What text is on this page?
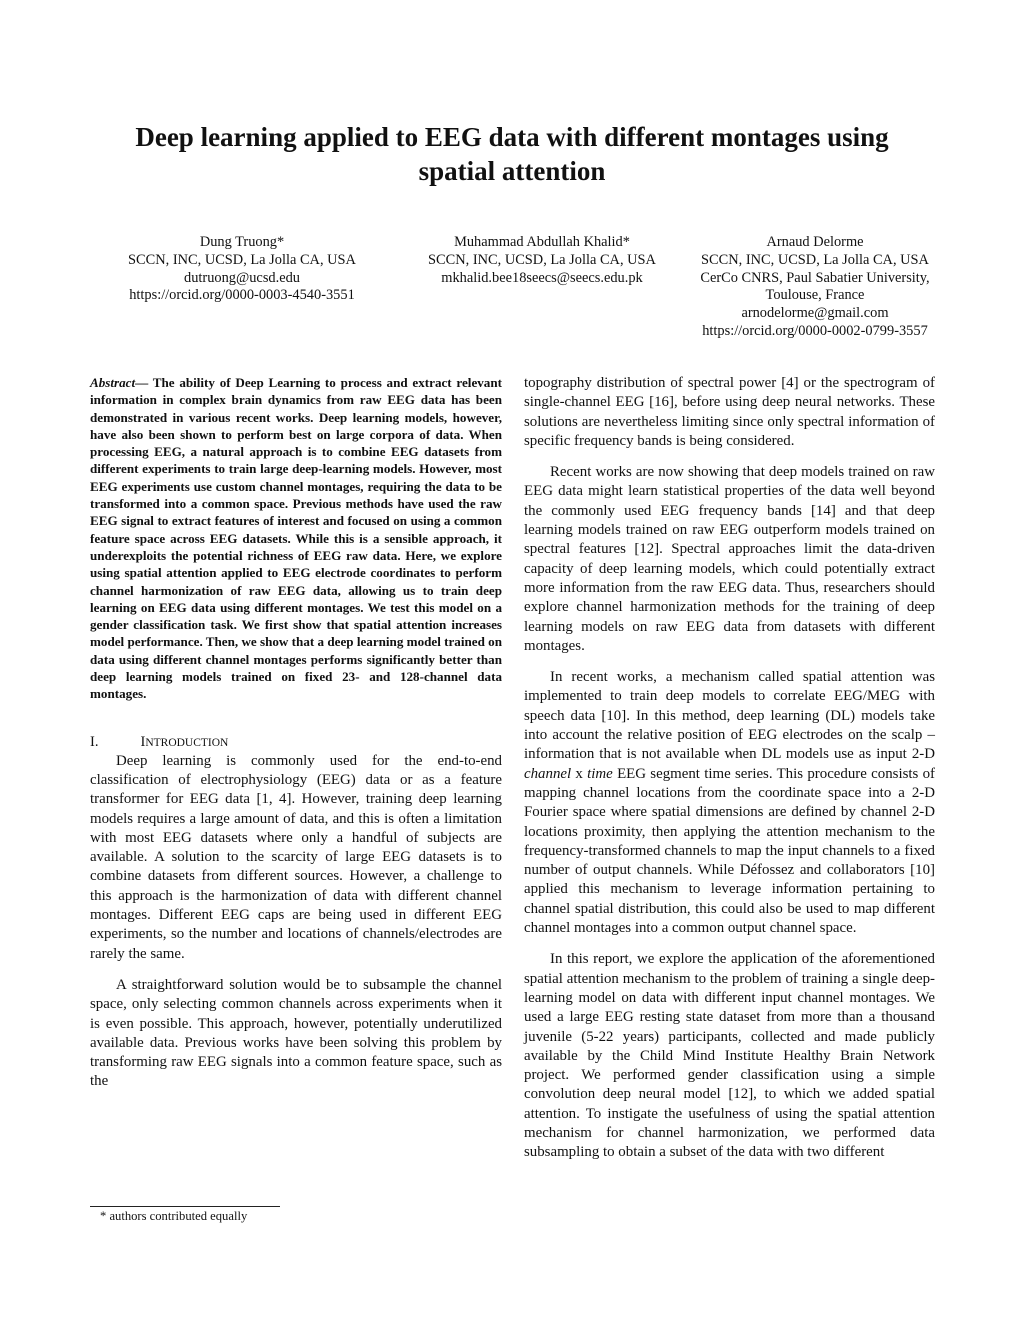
Deep learning applied to EEG data with different montages using spatial attention
Dung Truong*
SCCN, INC, UCSD, La Jolla CA, USA
dutruong@ucsd.edu
https://orcid.org/0000-0003-4540-3551
Muhammad Abdullah Khalid*
SCCN, INC, UCSD, La Jolla CA, USA
mkhalid.bee18seecs@seecs.edu.pk
Arnaud Delorme
SCCN, INC, UCSD, La Jolla CA, USA
CerCo CNRS, Paul Sabatier University,
Toulouse, France
arnodelorme@gmail.com
https://orcid.org/0000-0002-0799-3557

Abstract— The ability of Deep Learning to process and extract relevant information in complex brain dynamics from raw EEG data has been demonstrated in various recent works. Deep learning models, however, have also been shown to perform best on large corpora of data. When processing EEG, a natural approach is to combine EEG datasets from different experiments to train large deep-learning models. However, most EEG experiments use custom channel montages, requiring the data to be transformed into a common space. Previous methods have used the raw EEG signal to extract features of interest and focused on using a common feature space across EEG datasets. While this is a sensible approach, it underexploits the potential richness of EEG raw data. Here, we explore using spatial attention applied to EEG electrode coordinates to perform channel harmonization of raw EEG data, allowing us to train deep learning on EEG data using different montages. We test this model on a gender classification task. We first show that spatial attention increases model performance. Then, we show that a deep learning model trained on data using different channel montages performs significantly better than deep learning models trained on fixed 23- and 128-channel data montages.

I.	INTRODUCTION

Deep learning is commonly used for the end-to-end classification of electrophysiology (EEG) data or as a feature transformer for EEG data [1, 4]. However, training deep learning models requires a large amount of data, and this is often a limitation with most EEG datasets where only a handful of subjects are available. A solution to the scarcity of large EEG datasets is to combine datasets from different sources. However, a challenge to this approach is the harmonization of data with different channel montages. Different EEG caps are being used in different EEG experiments, so the number and locations of channels/electrodes are rarely the same.

A straightforward solution would be to subsample the channel space, only selecting common channels across experiments when it is even possible. This approach, however, potentially underutilized available data. Previous works have been solving this problem by transforming raw EEG signals into a common feature space, such as the

topography distribution of spectral power [4] or the spectrogram of single-channel EEG [16], before using deep neural networks. These solutions are nevertheless limiting since only spectral information of specific frequency bands is being considered.

Recent works are now showing that deep models trained on raw EEG data might learn statistical properties of the data well beyond the commonly used EEG frequency bands [14] and that deep learning models trained on raw EEG outperform models trained on spectral features [12]. Spectral approaches limit the data-driven capacity of deep learning models, which could potentially extract more information from the raw EEG data. Thus, researchers should explore channel harmonization methods for the training of deep learning models on raw EEG data from datasets with different montages.

In recent works, a mechanism called spatial attention was implemented to train deep models to correlate EEG/MEG with speech data [10]. In this method, deep learning (DL) models take into account the relative position of EEG electrodes on the scalp – information that is not available when DL models use as input 2-D channel x time EEG segment time series. This procedure consists of mapping channel locations from the coordinate space into a 2-D Fourier space where spatial dimensions are defined by channel 2-D locations proximity, then applying the attention mechanism to the frequency-transformed channels to map the input channels to a fixed number of output channels. While Défossez and collaborators [10] applied this mechanism to leverage information pertaining to channel spatial distribution, this could also be used to map different channel montages into a common output channel space.

In this report, we explore the application of the aforementioned spatial attention mechanism to the problem of training a single deep-learning model on data with different input channel montages. We used a large EEG resting state dataset from more than a thousand juvenile (5-22 years) participants, collected and made publicly available by the Child Mind Institute Healthy Brain Network project. We performed gender classification using a simple convolution deep neural model [12], to which we added spatial attention. To instigate the usefulness of using the spatial attention mechanism for channel harmonization, we performed data subsampling to obtain a subset of the data with two different

* authors contributed equally
